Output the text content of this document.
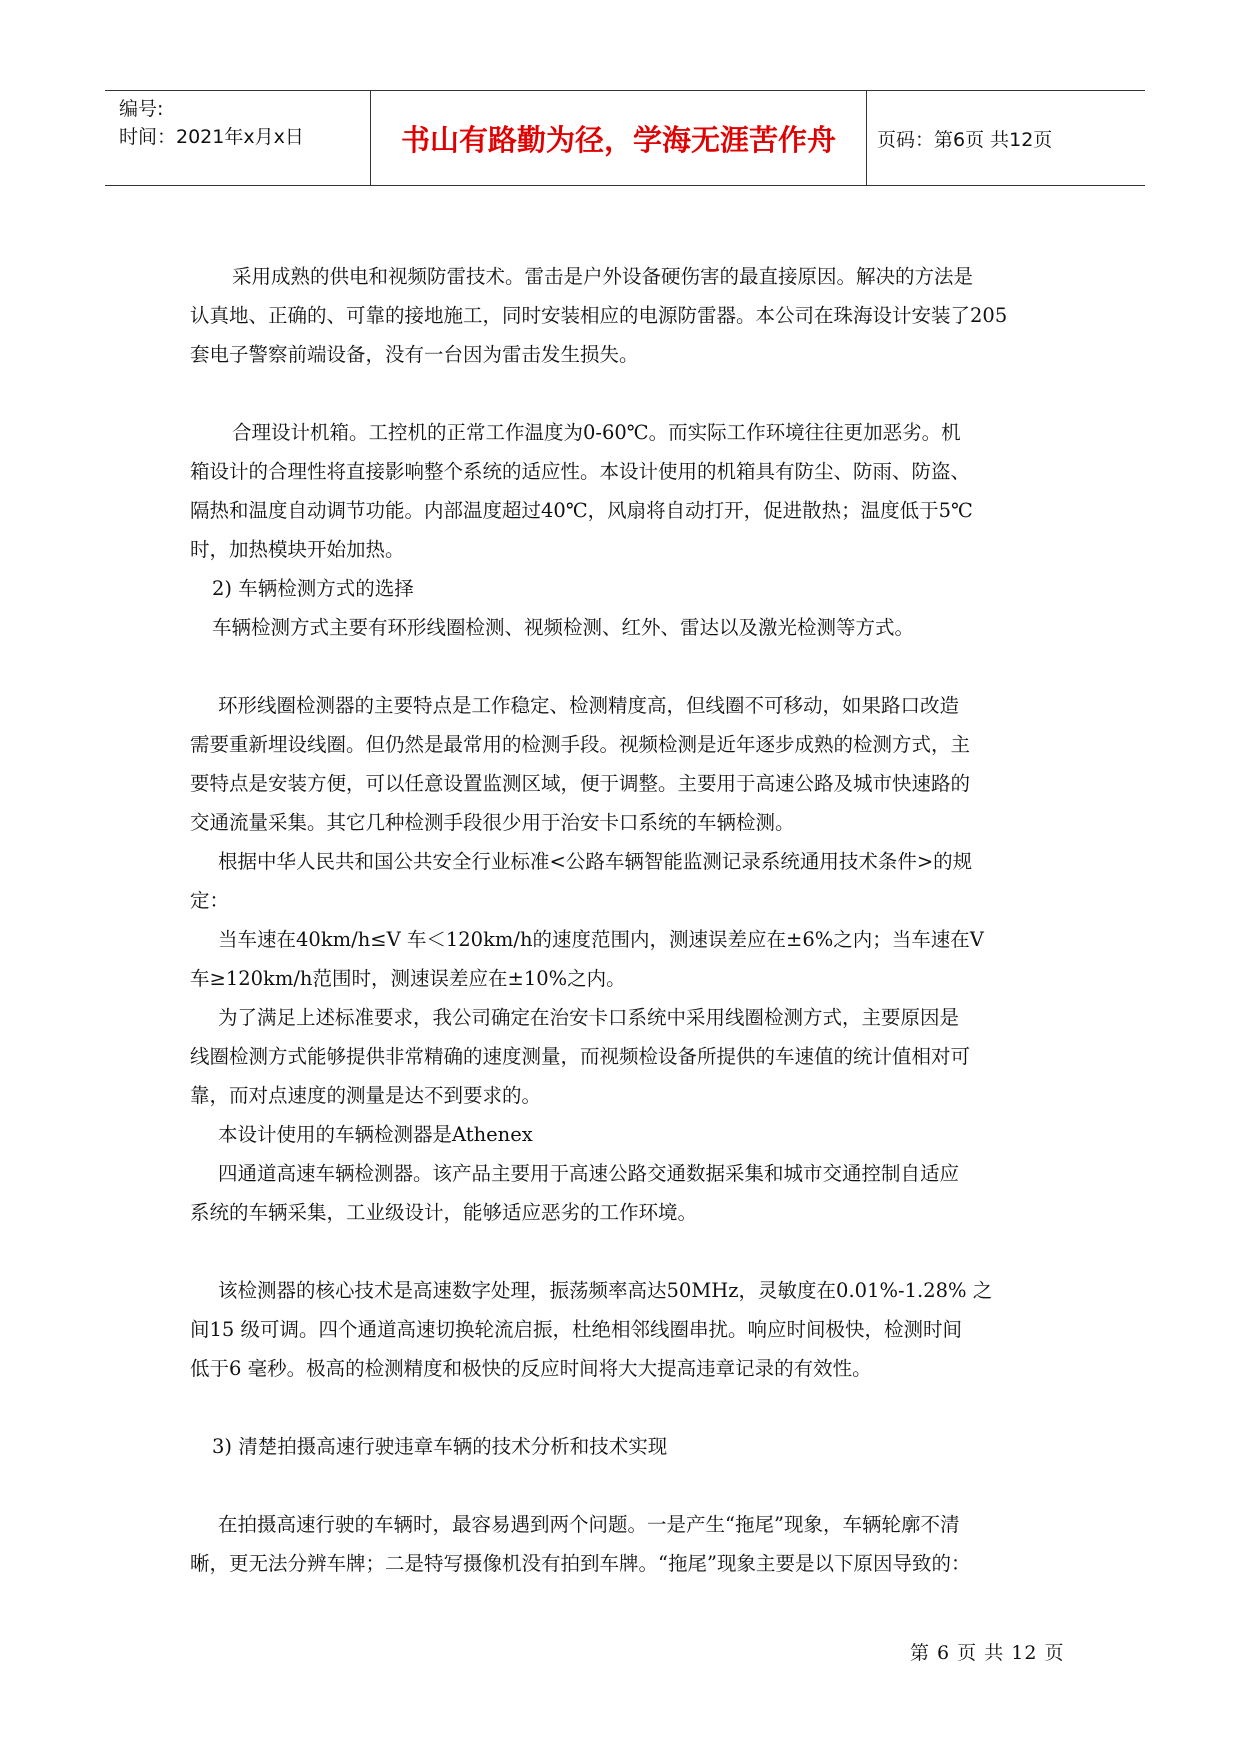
编号:
时间：2021年x月x日	书山有路勤为径，学海无涯苦作舟	页码：第6页 共12页

采用成熟的供电和视频防雷技术。雷击是户外设备硬伤害的最直接原因。解决的方法是

认真地、正确的、可靠的接地施工，同时安装相应的电源防雷器。本公司在珠海设计安装了205

套电子警察前端设备，没有一台因为雷击发生损失。

合理设计机箱。工控机的正常工作温度为0-60℃。而实际工作环境往往更加恶劣。机

箱设计的合理性将直接影响整个系统的适应性。本设计使用的机箱具有防尘、防雨、防盗、

隔热和温度自动调节功能。内部温度超过40℃，风扇将自动打开，促进散热；温度低于5℃

时，加热模块开始加热。

2) 车辆检测方式的选择

车辆检测方式主要有环形线圈检测、视频检测、红外、雷达以及激光检测等方式。

环形线圈检测器的主要特点是工作稳定、检测精度高，但线圈不可移动，如果路口改造

需要重新埋设线圈。但仍然是最常用的检测手段。视频检测是近年逐步成熟的检测方式，主

要特点是安装方便，可以任意设置监测区域，便于调整。主要用于高速公路及城市快速路的

交通流量采集。其它几种检测手段很少用于治安卡口系统的车辆检测。

根据中华人民共和国公共安全行业标准<公路车辆智能监测记录系统通用技术条件>的规

定：

当车速在40km/h≤V 车＜120km/h的速度范围内，测速误差应在±6%之内；当车速在V

车≥120km/h范围时，测速误差应在±10%之内。

为了满足上述标准要求，我公司确定在治安卡口系统中采用线圈检测方式，主要原因是

线圈检测方式能够提供非常精确的速度测量，而视频检设备所提供的车速值的统计值相对可

靠，而对点速度的测量是达不到要求的。

本设计使用的车辆检测器是Athenex

四通道高速车辆检测器。该产品主要用于高速公路交通数据采集和城市交通控制自适应

系统的车辆采集，工业级设计，能够适应恶劣的工作环境。

该检测器的核心技术是高速数字处理，振荡频率高达50MHz，灵敏度在0.01%-1.28% 之

间15 级可调。四个通道高速切换轮流启振，杜绝相邻线圈串扰。响应时间极快，检测时间

低于6 毫秒。极高的检测精度和极快的反应时间将大大提高违章记录的有效性。

3) 清楚拍摄高速行驶违章车辆的技术分析和技术实现

在拍摄高速行驶的车辆时，最容易遇到两个问题。一是产生“拖尾”现象，车辆轮廓不清

晰，更无法分辨车牌；二是特写摄像机没有拍到车牌。“拖尾”现象主要是以下原因导致的：

第 6 页 共 12 页
